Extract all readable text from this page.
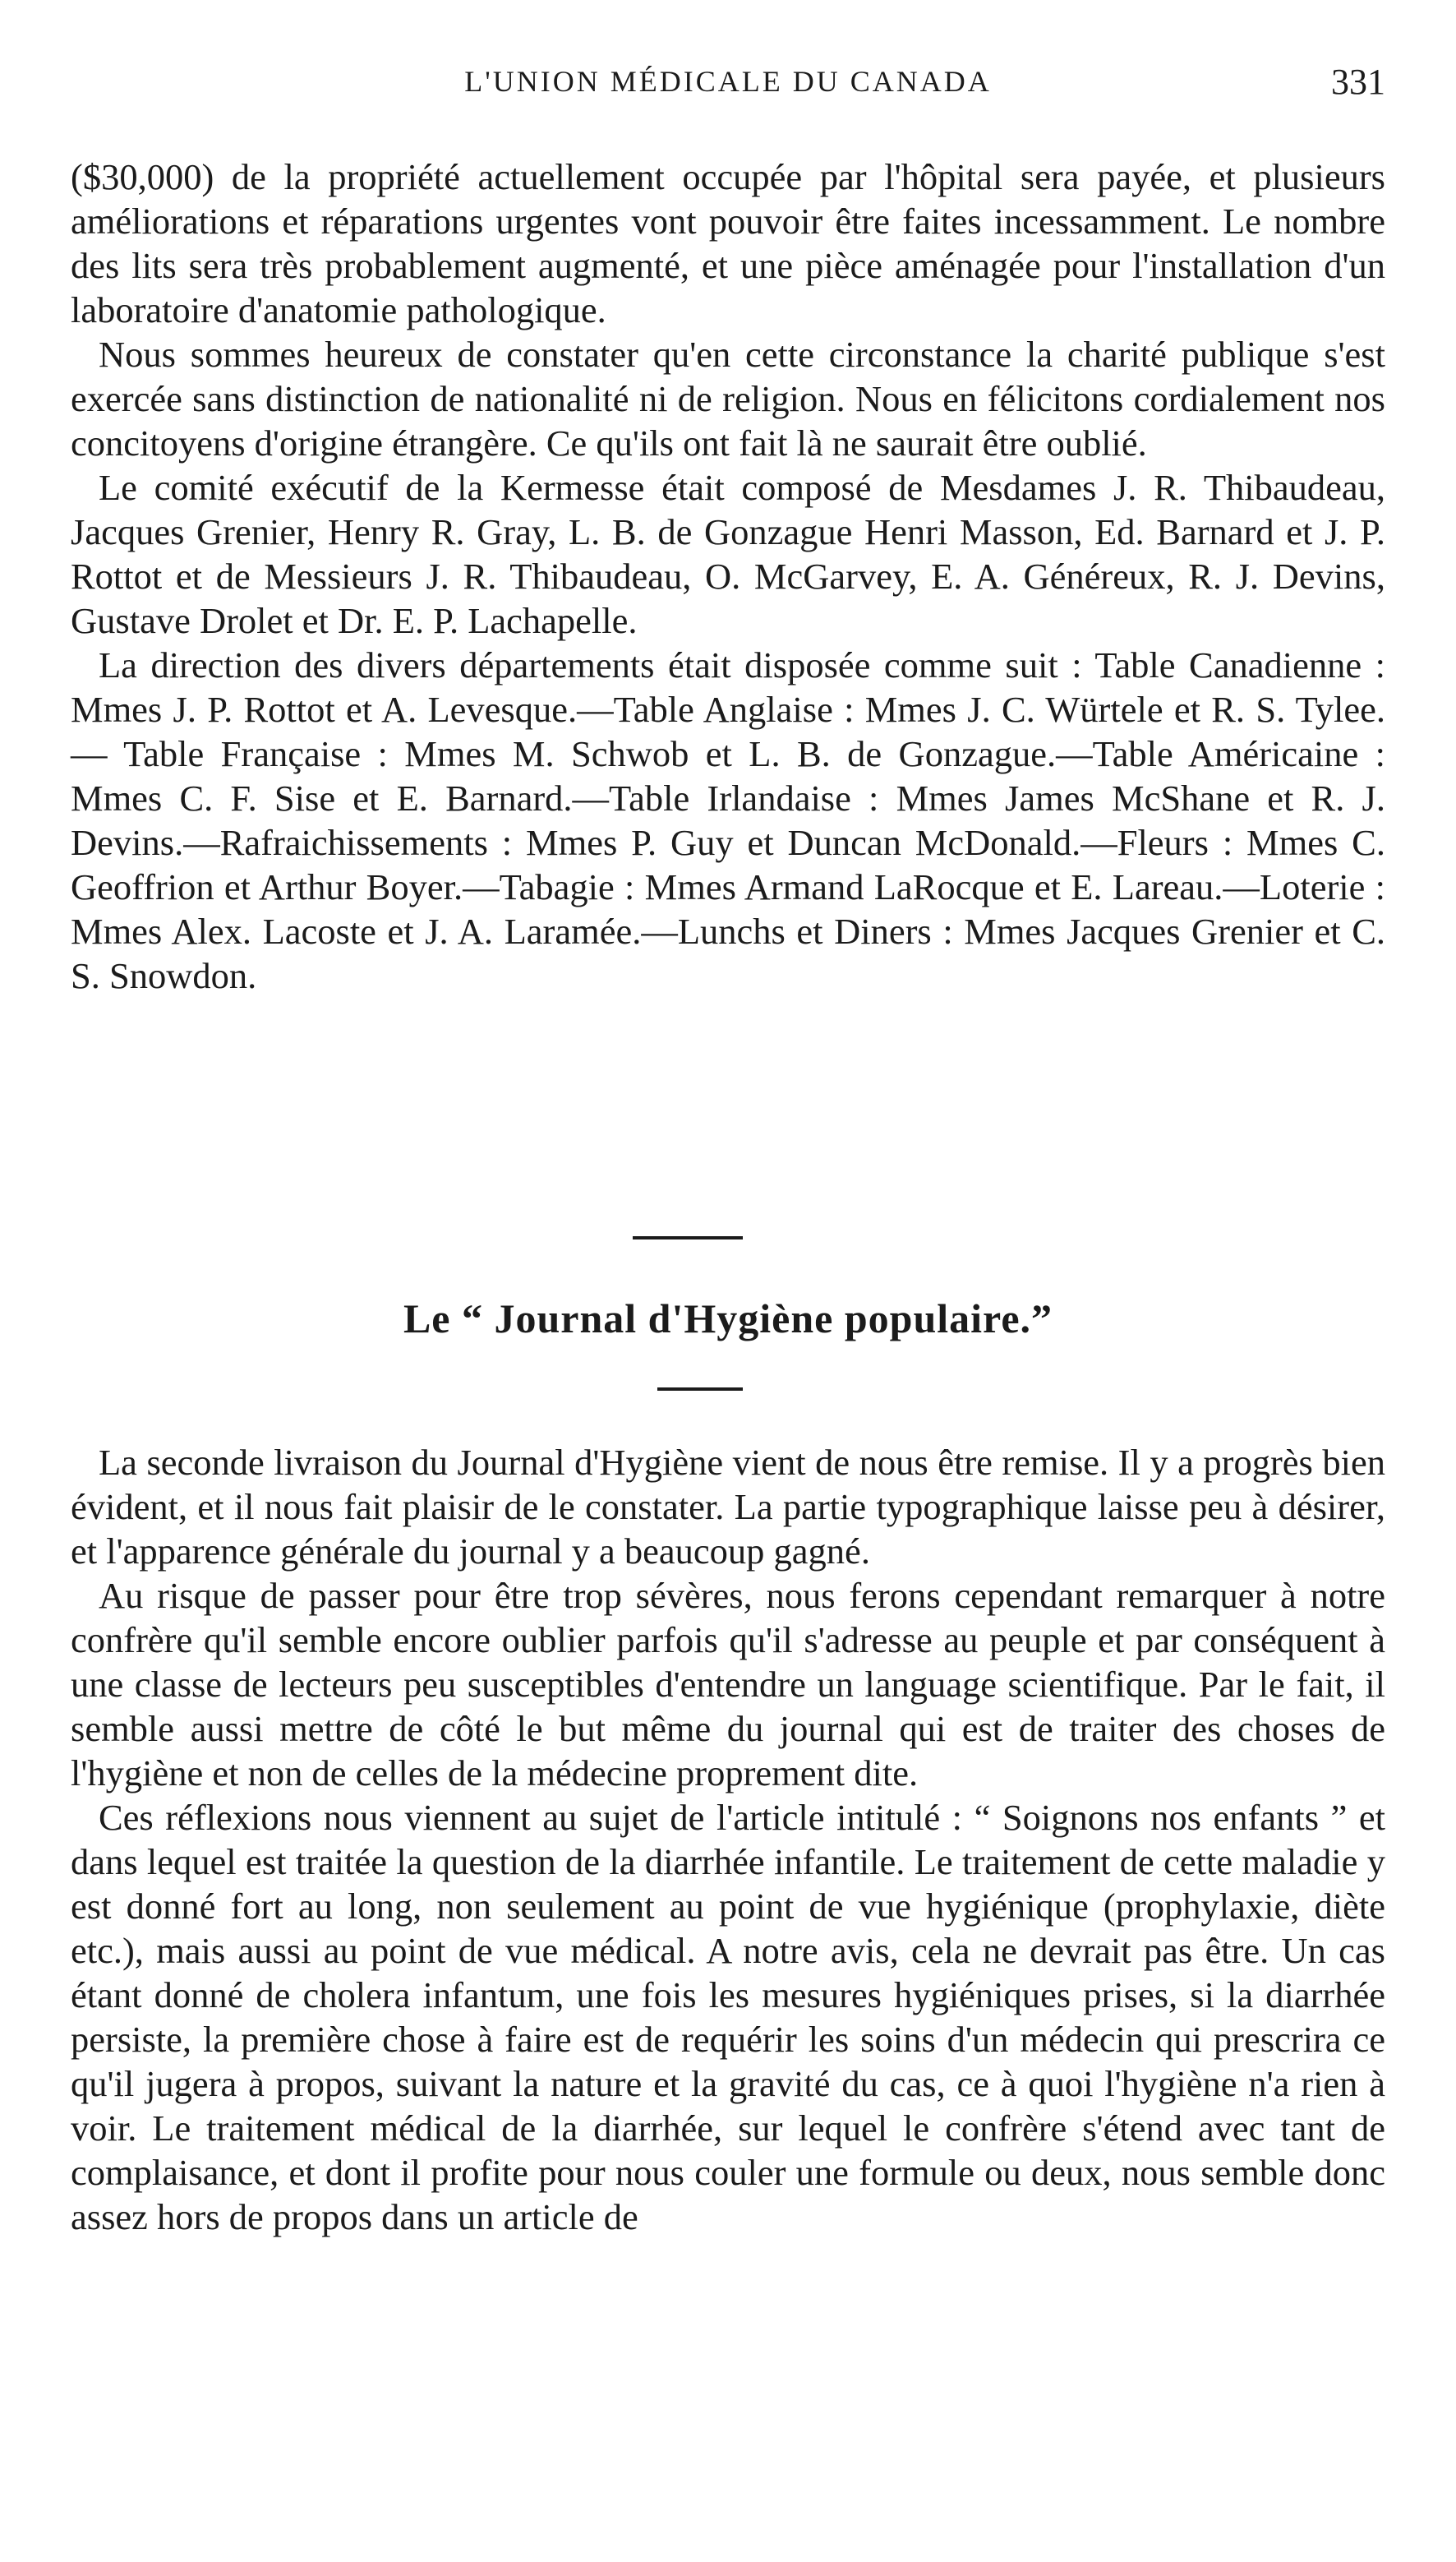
L'UNION MÉDICALE DU CANADA	331

($30,000) de la propriété actuellement occupée par l'hôpital sera payée, et plusieurs améliorations et réparations urgentes vont pouvoir être faites incessamment. Le nombre des lits sera très probablement augmenté, et une pièce aménagée pour l'installation d'un laboratoire d'anatomie pathologique.

Nous sommes heureux de constater qu'en cette circonstance la charité publique s'est exercée sans distinction de nationalité ni de religion. Nous en félicitons cordialement nos concitoyens d'origine étrangère. Ce qu'ils ont fait là ne saurait être oublié.

Le comité exécutif de la Kermesse était composé de Mesdames J. R. Thibaudeau, Jacques Grenier, Henry R. Gray, L. B. de Gonzague Henri Masson, Ed. Barnard et J. P. Rottot et de Messieurs J. R. Thibaudeau, O. McGarvey, E. A. Généreux, R. J. Devins, Gustave Drolet et Dr. E. P. Lachapelle.

La direction des divers départements était disposée comme suit : Table Canadienne : Mmes J. P. Rottot et A. Levesque.—Table Anglaise : Mmes J. C. Würtele et R. S. Tylee. — Table Française : Mmes M. Schwob et L. B. de Gonzague.—Table Américaine : Mmes C. F. Sise et E. Barnard.—Table Irlandaise : Mmes James McShane et R. J. Devins.—Rafraichissements : Mmes P. Guy et Duncan McDonald.—Fleurs : Mmes C. Geoffrion et Arthur Boyer.—Tabagie : Mmes Armand LaRocque et E. Lareau.—Loterie : Mmes Alex. Lacoste et J. A. Laramée.—Lunchs et Diners : Mmes Jacques Grenier et C. S. Snowdon.

Le “ Journal d'Hygiène populaire.”

La seconde livraison du Journal d'Hygiène vient de nous être remise. Il y a progrès bien évident, et il nous fait plaisir de le constater. La partie typographique laisse peu à désirer, et l'apparence générale du journal y a beaucoup gagné.

Au risque de passer pour être trop sévères, nous ferons cependant remarquer à notre confrère qu'il semble encore oublier parfois qu'il s'adresse au peuple et par conséquent à une classe de lecteurs peu susceptibles d'entendre un language scientifique. Par le fait, il semble aussi mettre de côté le but même du journal qui est de traiter des choses de l'hygiène et non de celles de la médecine proprement dite.

Ces réflexions nous viennent au sujet de l'article intitulé : “ Soignons nos enfants ” et dans lequel est traitée la question de la diarrhée infantile. Le traitement de cette maladie y est donné fort au long, non seulement au point de vue hygiénique (prophylaxie, diète etc.), mais aussi au point de vue médical. A notre avis, cela ne devrait pas être. Un cas étant donné de cholera infantum, une fois les mesures hygiéniques prises, si la diarrhée persiste, la première chose à faire est de requérir les soins d'un médecin qui prescrira ce qu'il jugera à propos, suivant la nature et la gravité du cas, ce à quoi l'hygiène n'a rien à voir. Le traitement médical de la diarrhée, sur lequel le confrère s'étend avec tant de complaisance, et dont il profite pour nous couler une formule ou deux, nous semble donc assez hors de propos dans un article de
